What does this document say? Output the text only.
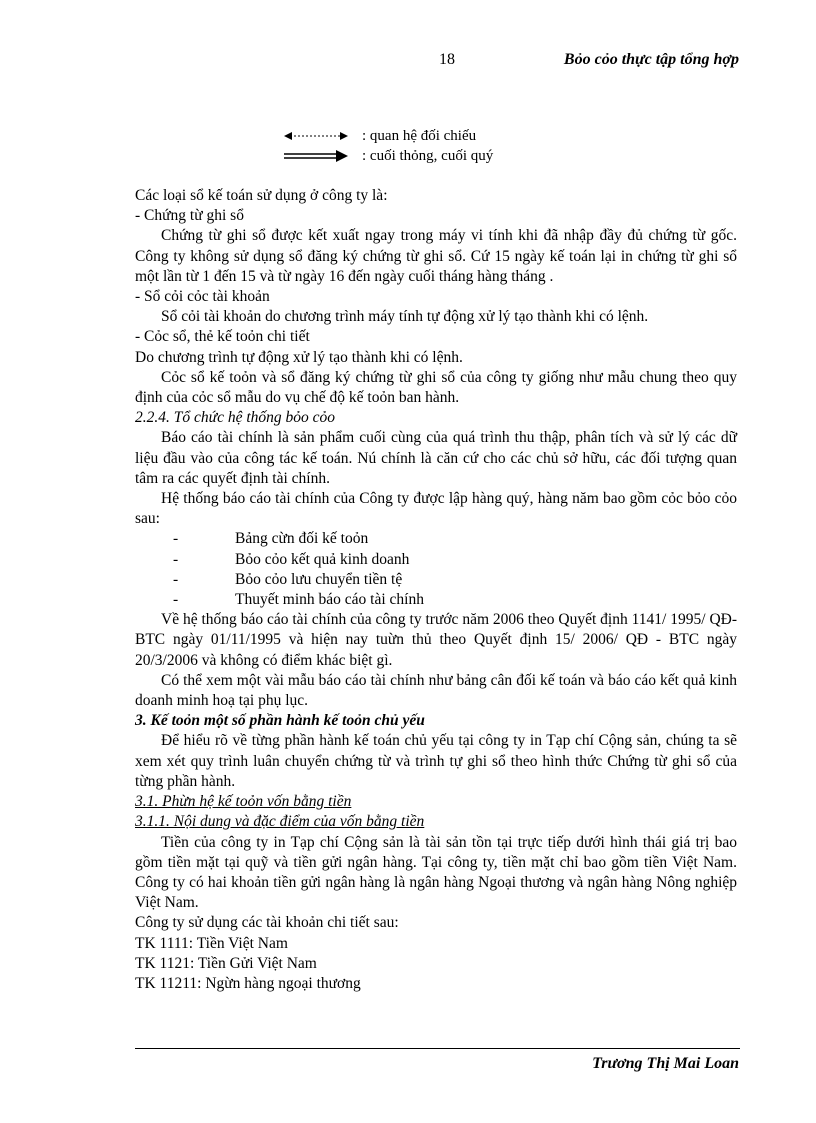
18	Bỏo cỏo thực tập tổng hợp
: quan hệ đối chiếu
: cuối thỏng, cuối quý

Các loại sổ kế toán sử dụng ở công ty là:

- Chứng từ ghi sổ

Chứng từ ghi sổ được kết xuất ngay trong máy vi tính khi đã nhập đầy đủ chứng từ gốc. Công ty không sử dụng sổ đăng ký chứng từ ghi sổ. Cứ 15 ngày kế toán lại in chứng từ ghi sổ một lần từ 1 đến 15 và từ ngày 16 đến ngày cuối tháng hàng tháng .

- Sổ cỏi cỏc tài khoản

Sổ cỏi tài khoản do chương trình máy tính tự động xử lý tạo thành khi có lệnh.

- Cỏc sổ, thẻ kế toỏn chi tiết

Do chương trình tự động xử lý tạo thành khi có lệnh.

Cỏc sổ kế toỏn và sổ đăng ký chứng từ ghi sổ của công ty giống như mẫu chung theo quy định của cỏc sổ mẫu do vụ chế độ kế toỏn ban hành.

2.2.4. Tổ chức hệ thống bỏo cỏo

Báo cáo tài chính là sản phẩm cuối cùng của quá trình thu thập, phân tích và sử lý các dữ liệu đầu vào của công tác kế toán. Nú chính là căn cứ cho các chủ sở hữu, các đối tượng quan tâm ra các quyết định tài chính.

Hệ thống báo cáo tài chính của Công ty được lập hàng quý, hàng năm bao gồm cỏc bỏo cỏo sau:

-	Bảng cừn đối kế toỏn
-	Bỏo cỏo kết quả kinh doanh
-	Bỏo cỏo lưu chuyển tiền tệ
-	Thuyết minh báo cáo tài chính

Về hệ thống báo cáo tài chính của công ty trước năm 2006 theo Quyết định 1141/ 1995/ QĐ-BTC ngày 01/11/1995 và hiện nay tuừn thủ theo Quyết định 15/ 2006/ QĐ - BTC ngày 20/3/2006 và không có điểm khác biệt gì.

Có thể xem một vài mẫu báo cáo tài chính như bảng cân đối kế toán và báo cáo kết quả kinh doanh minh hoạ tại phụ lục.

3. Kế toỏn một số phần hành kế toỏn chủ yếu

Để hiểu rõ về từng phần hành kế toán chủ yếu tại công ty in Tạp chí Cộng sản, chúng ta sẽ xem xét quy trình luân chuyển chứng từ và trình tự ghi sổ theo hình thức Chứng từ ghi sổ của từng phần hành.

3.1. Phừn hệ kế toỏn vốn bằng tiền

3.1.1. Nội dung và đặc điểm của vốn bằng tiền

Tiền của công ty in Tạp chí Cộng sản là tài sản tồn tại trực tiếp dưới hình thái giá trị bao gồm tiền mặt tại quỹ và tiền gửi ngân hàng. Tại công ty, tiền mặt chỉ bao gồm tiền Việt Nam. Công ty có hai khoản tiền gửi ngân hàng là ngân hàng Ngoại thương và ngân hàng Nông nghiệp Việt Nam.

Công ty sử dụng các tài khoản chi tiết sau:

TK 1111: Tiền Việt Nam

TK 1121: Tiền Gửi Việt Nam

TK 11211: Ngừn hàng ngoại thương

Trương Thị Mai Loan
